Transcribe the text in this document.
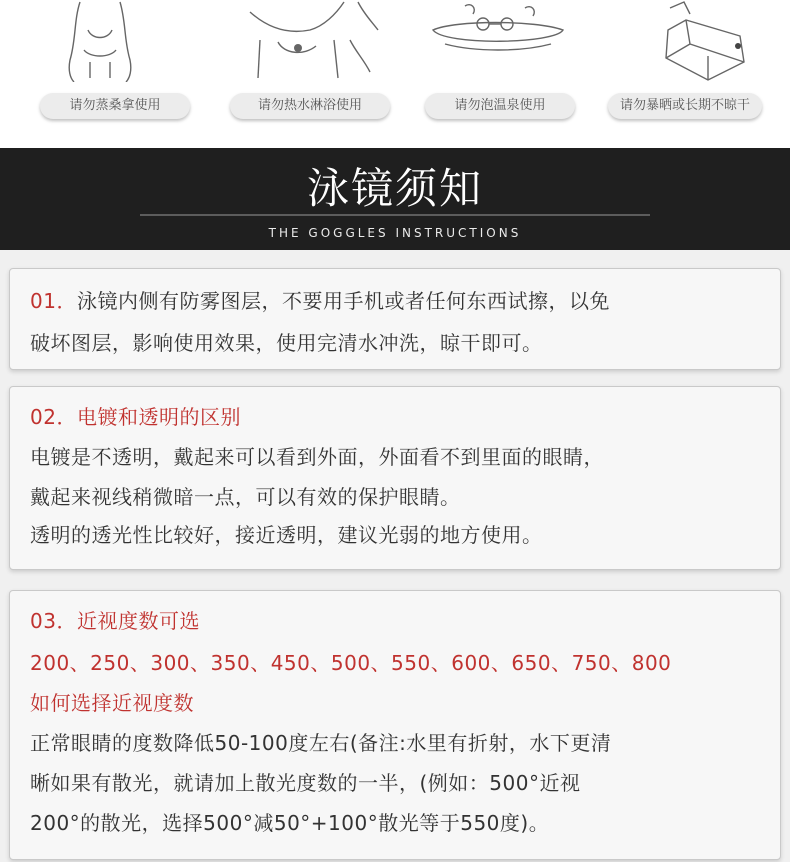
请勿蒸桑拿使用	请勿热水淋浴使用	请勿泡温泉使用	请勿暴晒或长期不晾干
泳镜须知
THE GOGGLES INSTRUCTIONS
01．泳镜内侧有防雾图层，不要用手机或者任何东西试擦，以免
破坏图层，影响使用效果，使用完清水冲洗，晾干即可。
02．电镀和透明的区别
电镀是不透明，戴起来可以看到外面，外面看不到里面的眼睛，
戴起来视线稍微暗一点，可以有效的保护眼睛。
透明的透光性比较好，接近透明，建议光弱的地方使用。
03．近视度数可选
200、250、300、350、450、500、550、600、650、750、800
如何选择近视度数
正常眼睛的度数降低50-100度左右(备注:水里有折射，水下更清
晰如果有散光，就请加上散光度数的一半，(例如：500°近视
200°的散光，选择500°减50°+100°散光等于550度)。
